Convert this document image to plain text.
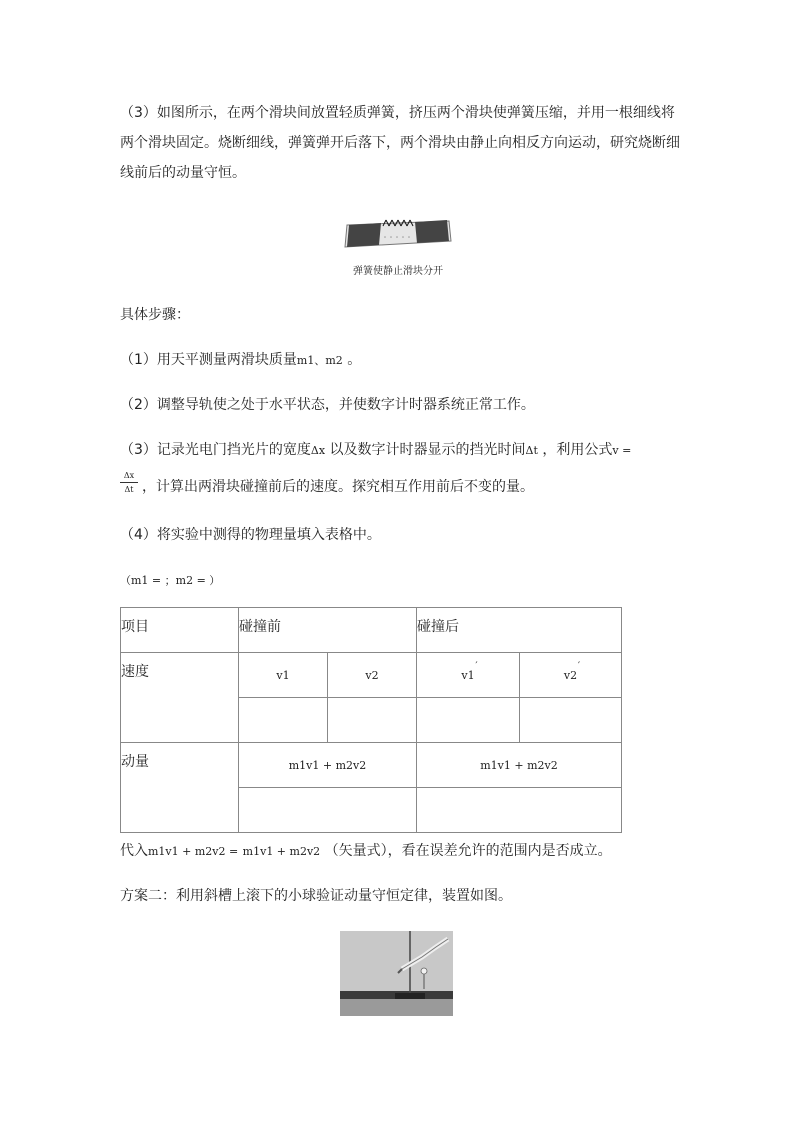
（3）如图所示，在两个滑块间放置轻质弹簧，挤压两个滑块使弹簧压缩，并用一根细线将
两个滑块固定。烧断细线，弹簧弹开后落下，两个滑块由静止向相反方向运动，研究烧断细
线前后的动量守恒。
弹簧使静止滑块分开
具体步骤：
（1）用天平测量两滑块质量m1、m2 。
（2）调整导轨使之处于水平状态，并使数字计时器系统正常工作。
（3）记录光电门挡光片的宽度Δx 以及数字计时器显示的挡光时间Δt ，利用公式v =
Δx
Δt ，计算出两滑块碰撞前后的速度。探究相互作用前后不变的量。
（4）将实验中测得的物理量填入表格中。
（m1 = ；m2 = ）
项目	碰撞前		碰撞后	
速度	v1	v2	v1 ′	v2 ′

动量	m1v1 + m2v2		m1v1 + m2v2	

代入m1v1 + m2v2 = m1v1 + m2v2 （矢量式），看在误差允许的范围内是否成立。
方案二：利用斜槽上滚下的小球验证动量守恒定律，装置如图。
